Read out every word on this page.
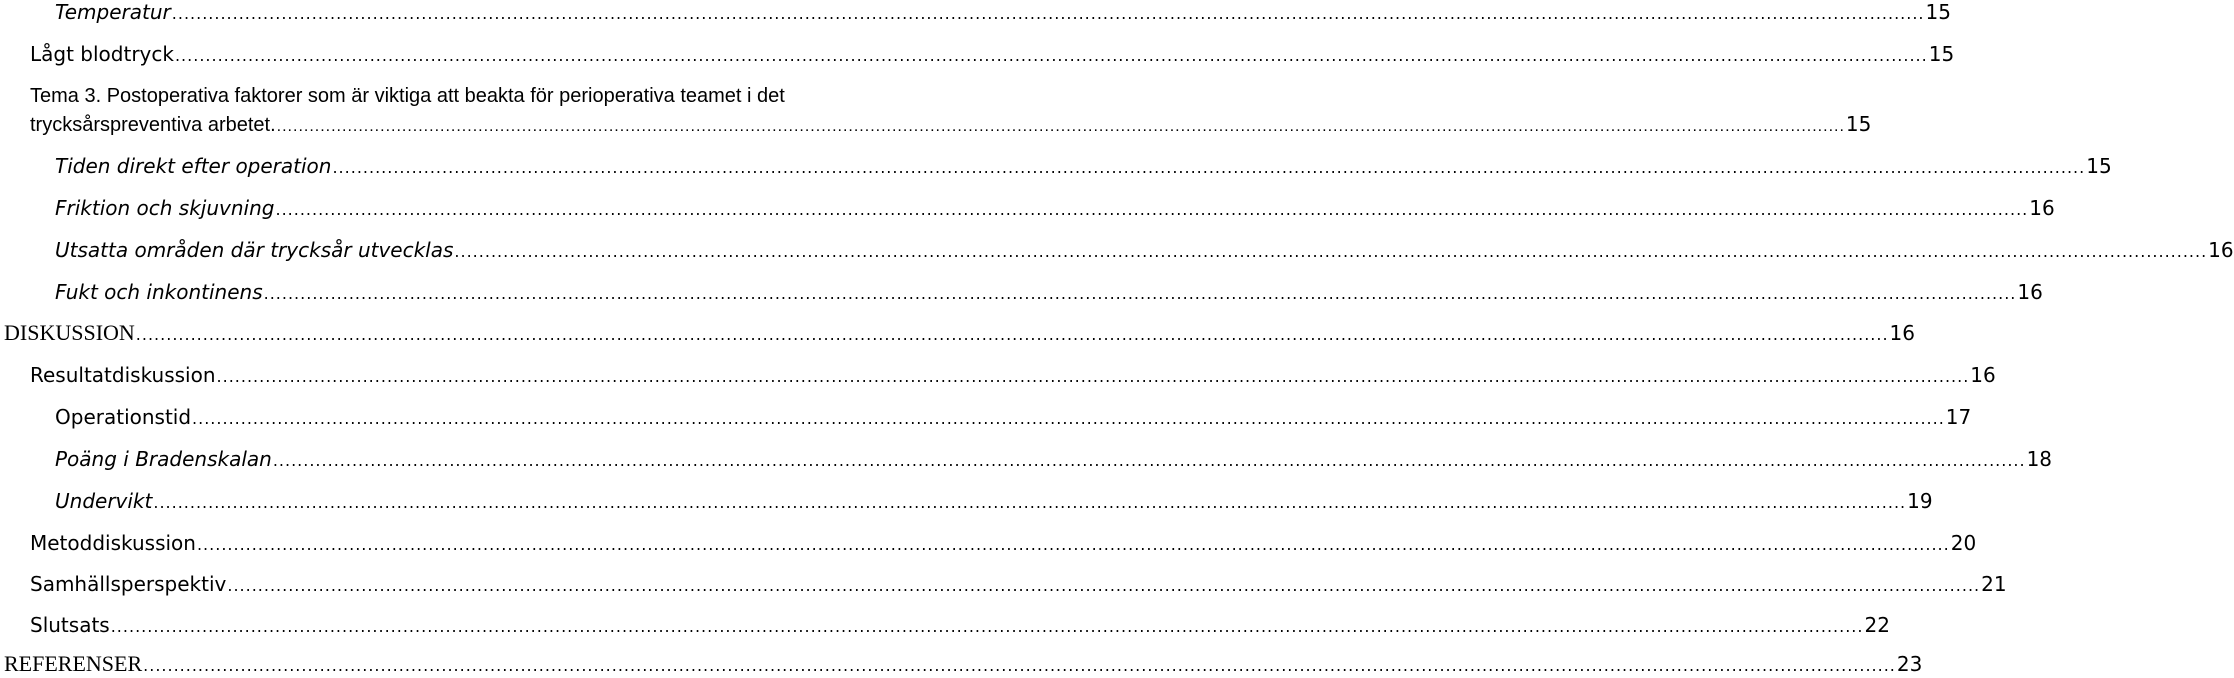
Temperatur ................................................................................................................................................................................................................................................................................................ 15
Lågt blodtryck ................................................................................................................................................................................................................................................................................................ 15
Tema 3. Postoperativa faktorer som är viktiga att beakta för perioperativa teamet i det
trycksårspreventiva arbetet. ................................................................................................................................................................................................................................................................................................ 15
Tiden direkt efter operation ................................................................................................................................................................................................................................................................................................ 15
Friktion och skjuvning ................................................................................................................................................................................................................................................................................................ 16
Utsatta områden där trycksår utvecklas ................................................................................................................................................................................................................................................................................................ 16
Fukt och inkontinens ................................................................................................................................................................................................................................................................................................ 16
DISKUSSION ................................................................................................................................................................................................................................................................................................ 16
Resultatdiskussion ................................................................................................................................................................................................................................................................................................ 16
Operationstid ................................................................................................................................................................................................................................................................................................ 17
Poäng i Bradenskalan ................................................................................................................................................................................................................................................................................................ 18
Undervikt ................................................................................................................................................................................................................................................................................................ 19
Metoddiskussion ................................................................................................................................................................................................................................................................................................ 20
Samhällsperspektiv ................................................................................................................................................................................................................................................................................................ 21
Slutsats ................................................................................................................................................................................................................................................................................................ 22
REFERENSER ................................................................................................................................................................................................................................................................................................ 23
